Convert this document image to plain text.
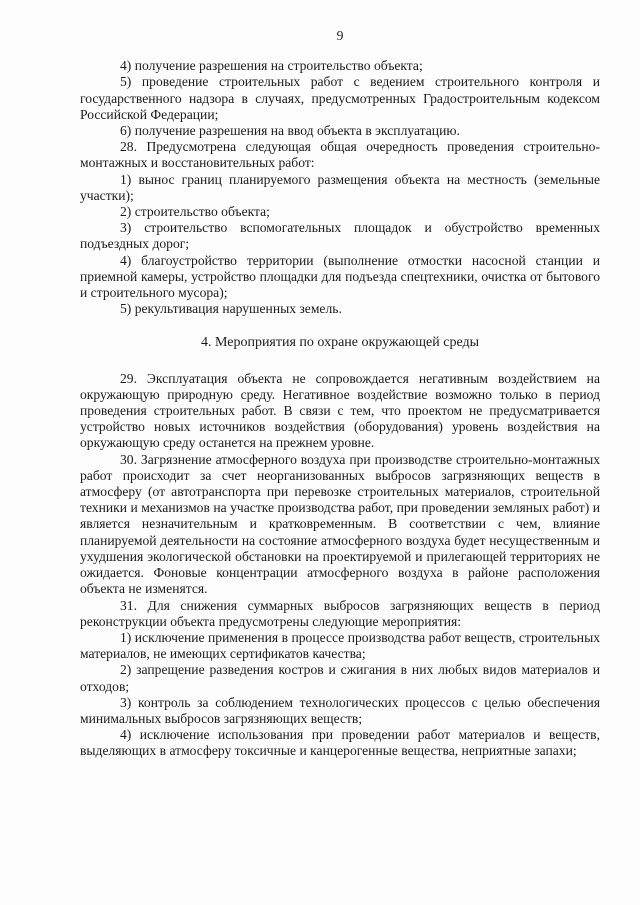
9

4) получение разрешения на строительство объекта;

5) проведение строительных работ с ведением строительного контроля и государственного надзора в случаях, предусмотренных Градостроительным кодексом Российской Федерации;

6) получение разрешения на ввод объекта в эксплуатацию.

28. Предусмотрена следующая общая очередность проведения строительно-монтажных и восстановительных работ:

1) вынос границ планируемого размещения объекта на местность (земельные участки);

2) строительство объекта;

3) строительство вспомогательных площадок и обустройство временных подъездных дорог;

4) благоустройство территории (выполнение отмостки насосной станции и приемной камеры, устройство площадки для подъезда спецтехники, очистка от бытового и строительного мусора);

5) рекультивация нарушенных земель.

4. Мероприятия по охране окружающей среды

29. Эксплуатация объекта не сопровождается негативным воздействием на окружающую природную среду. Негативное воздействие возможно только в период проведения строительных работ. В связи с тем, что проектом не предусматривается устройство новых источников воздействия (оборудования) уровень воздействия на оркужающую среду останется на прежнем уровне.

30. Загрязнение атмосферного воздуха при производстве строительно-монтажных работ происходит за счет неорганизованных выбросов загрязняющих веществ в атмосферу (от автотранспорта при перевозке строительных материалов, строительной техники и механизмов на участке производства работ, при проведении земляных работ) и является незначительным и кратковременным. В соответствии с чем, влияние планируемой деятельности на состояние атмосферного воздуха будет несущественным и ухудшения экологической обстановки на проектируемой и прилегающей территориях не ожидается. Фоновые концентрации атмосферного воздуха в районе расположения объекта не изменятся.

31. Для снижения суммарных выбросов загрязняющих веществ в период реконструкции объекта предусмотрены следующие мероприятия:

1) исключение применения в процессе производства работ веществ, строительных материалов, не имеющих сертификатов качества;

2) запрещение разведения костров и сжигания в них любых видов материалов и отходов;

3) контроль за соблюдением технологических процессов с целью обеспечения минимальных выбросов загрязняющих веществ;

4) исключение использования при проведении работ материалов и веществ, выделяющих в атмосферу токсичные и канцерогенные вещества, неприятные запахи;
